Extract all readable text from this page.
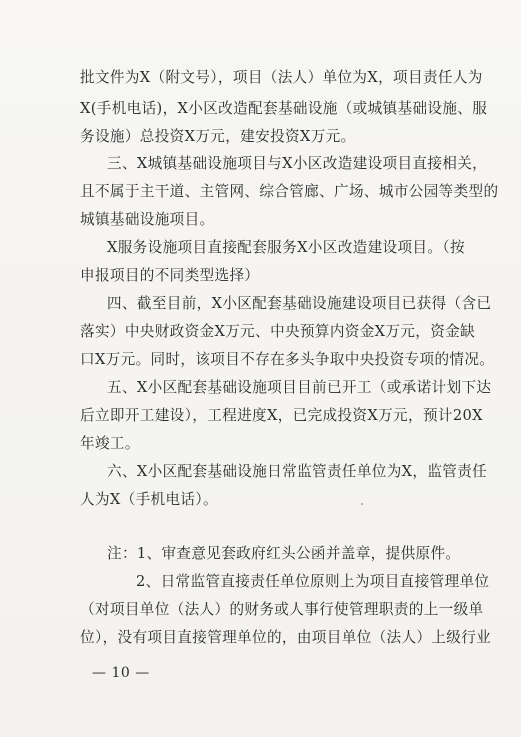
批文件为X（附文号），项目（法人）单位为X，项目责任人为
X(手机电话)，X小区改造配套基础设施（或城镇基础设施、服
务设施）总投资X万元，建安投资X万元。
三、X城镇基础设施项目与X小区改造建设项目直接相关，
且不属于主干道、主管网、综合管廊、广场、城市公园等类型的
城镇基础设施项目。
X服务设施项目直接配套服务X小区改造建设项目。（按
申报项目的不同类型选择）
四、截至目前，X小区配套基础设施建设项目已获得（含已
落实）中央财政资金X万元、中央预算内资金X万元，资金缺
口X万元。同时，该项目不存在多头争取中央投资专项的情况。
五、X小区配套基础设施项目目前已开工（或承诺计划下达
后立即开工建设），工程进度X，已完成投资X万元，预计20X
年竣工。
六、X小区配套基础设施日常监管责任单位为X，监管责任
人为X（手机电话）。
注：1、审查意见套政府红头公函并盖章，提供原件。
2、日常监管直接责任单位原则上为项目直接管理单位
（对项目单位（法人）的财务或人事行使管理职责的上一级单
位），没有项目直接管理单位的，由项目单位（法人）上级行业
— 10 —
